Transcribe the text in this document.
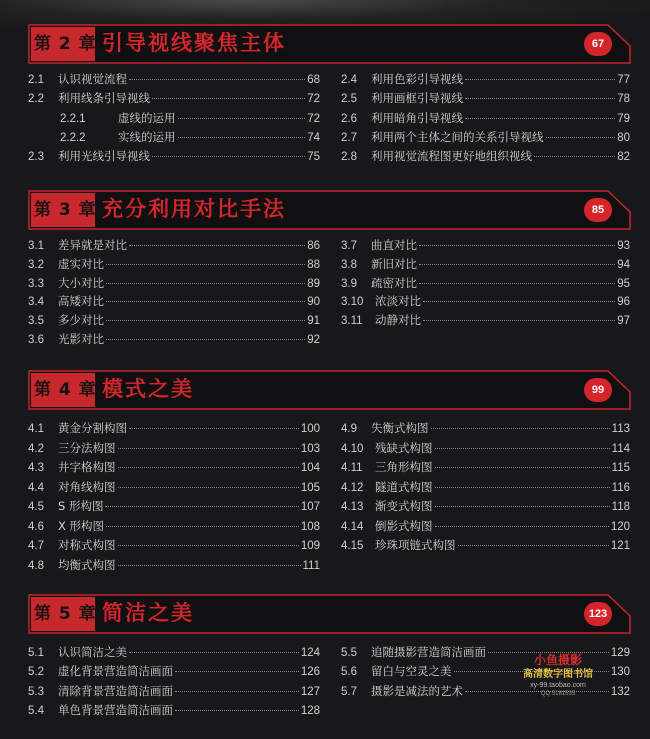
第 2 章 引导视线聚焦主体	67
2.1	认识视觉流程	68
2.2	利用线条引导视线	72
2.2.1	虚线的运用	72
2.2.2	实线的运用	74
2.3	利用光线引导视线	75
2.4	利用色彩引导视线	77
2.5	利用画框引导视线	78
2.6	利用暗角引导视线	79
2.7	利用两个主体之间的关系引导视线	80
2.8	利用视觉流程图更好地组织视线	82
第 3 章 充分利用对比手法	85
3.1	差异就是对比	86
3.2	虚实对比	88
3.3	大小对比	89
3.4	高矮对比	90
3.5	多少对比	91
3.6	光影对比	92
3.7	曲直对比	93
3.8	新旧对比	94
3.9	疏密对比	95
3.10	浓淡对比	96
3.11	动静对比	97
第 4 章 模式之美	99
4.1	黄金分割构图	100
4.2	三分法构图	103
4.3	井字格构图	104
4.4	对角线构图	105
4.5	S 形构图	107
4.6	X 形构图	108
4.7	对称式构图	109
4.8	均衡式构图	111
4.9	失衡式构图	113
4.10	残缺式构图	114
4.11	三角形构图	115
4.12	隧道式构图	116
4.13	渐变式构图	118
4.14	倒影式构图	120
4.15	珍珠项链式构图	121
第 5 章 简洁之美	123
5.1	认识简洁之美	124
5.2	虚化背景营造简洁画面	126
5.3	清除背景营造简洁画面	127
5.4	单色背景营造简洁画面	128
5.5	追随摄影营造简洁画面	129
5.6	留白与空灵之美	130
5.7	摄影是减法的艺术	132
小鱼摄影
高清数字图书馆
xy-99.taobao.com
QQ:5181535
